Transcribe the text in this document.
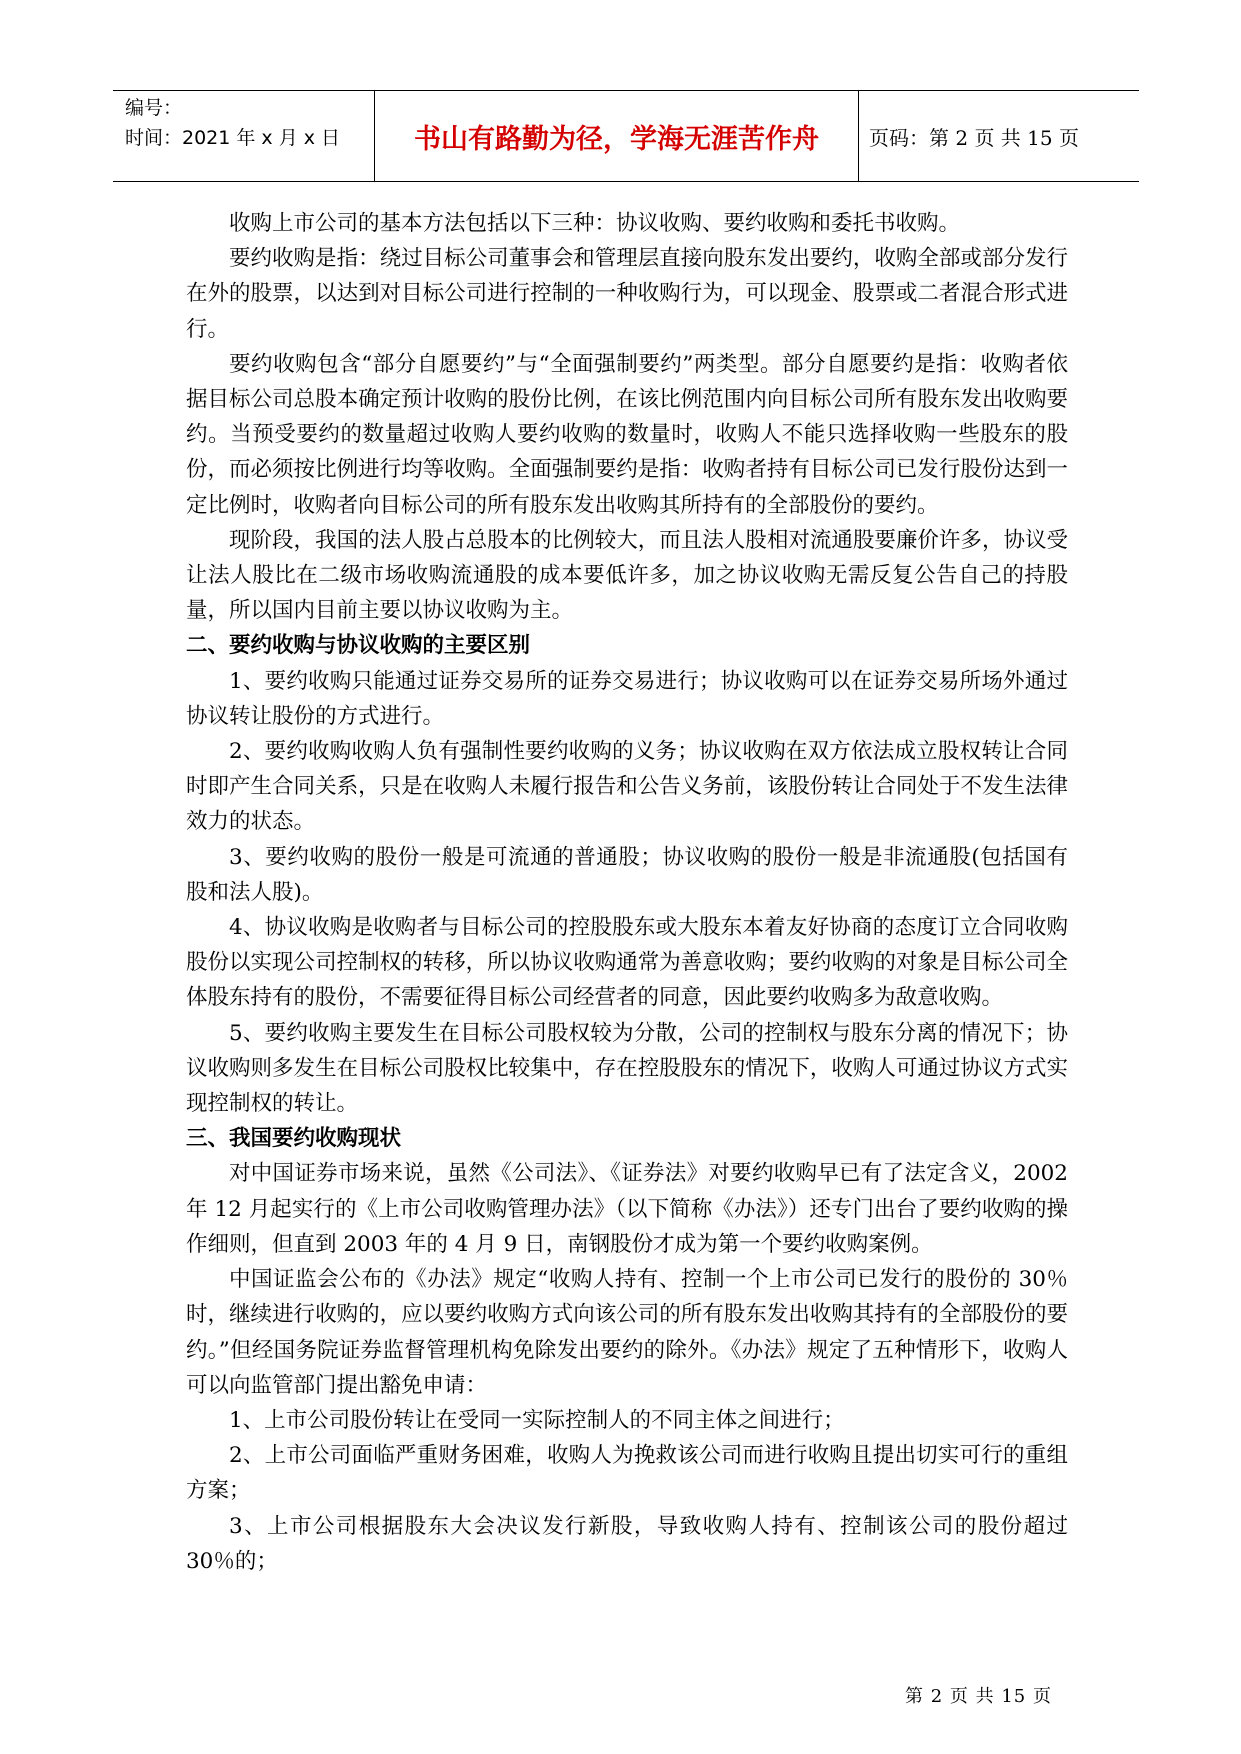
编号：
时间：2021 年 x 月 x 日	书山有路勤为径，学海无涯苦作舟	页码：第 2 页 共 15 页

收购上市公司的基本方法包括以下三种：协议收购、要约收购和委托书收购。

要约收购是指：绕过目标公司董事会和管理层直接向股东发出要约，收购全部或部分发行在外的股票，以达到对目标公司进行控制的一种收购行为，可以现金、股票或二者混合形式进行。

要约收购包含“部分自愿要约”与“全面强制要约”两类型。部分自愿要约是指：收购者依据目标公司总股本确定预计收购的股份比例，在该比例范围内向目标公司所有股东发出收购要约。当预受要约的数量超过收购人要约收购的数量时，收购人不能只选择收购一些股东的股份，而必须按比例进行均等收购。全面强制要约是指：收购者持有目标公司已发行股份达到一定比例时，收购者向目标公司的所有股东发出收购其所持有的全部股份的要约。

现阶段，我国的法人股占总股本的比例较大，而且法人股相对流通股要廉价许多，协议受让法人股比在二级市场收购流通股的成本要低许多，加之协议收购无需反复公告自己的持股量，所以国内目前主要以协议收购为主。

二、要约收购与协议收购的主要区别

1、要约收购只能通过证券交易所的证券交易进行；协议收购可以在证券交易所场外通过协议转让股份的方式进行。

2、要约收购收购人负有强制性要约收购的义务；协议收购在双方依法成立股权转让合同时即产生合同关系，只是在收购人未履行报告和公告义务前，该股份转让合同处于不发生法律效力的状态。

3、要约收购的股份一般是可流通的普通股；协议收购的股份一般是非流通股(包括国有股和法人股)。

4、协议收购是收购者与目标公司的控股股东或大股东本着友好协商的态度订立合同收购股份以实现公司控制权的转移，所以协议收购通常为善意收购；要约收购的对象是目标公司全体股东持有的股份，不需要征得目标公司经营者的同意，因此要约收购多为敌意收购。

5、要约收购主要发生在目标公司股权较为分散，公司的控制权与股东分离的情况下；协议收购则多发生在目标公司股权比较集中，存在控股股东的情况下，收购人可通过协议方式实现控制权的转让。

三、我国要约收购现状

对中国证券市场来说，虽然《公司法》、《证券法》对要约收购早已有了法定含义，2002 年 12 月起实行的《上市公司收购管理办法》（以下简称《办法》）还专门出台了要约收购的操作细则，但直到 2003 年的 4 月 9 日，南钢股份才成为第一个要约收购案例。

中国证监会公布的《办法》规定“收购人持有、控制一个上市公司已发行的股份的 30％时，继续进行收购的，应以要约收购方式向该公司的所有股东发出收购其持有的全部股份的要约。”但经国务院证券监督管理机构免除发出要约的除外。《办法》规定了五种情形下，收购人可以向监管部门提出豁免申请：

1、上市公司股份转让在受同一实际控制人的不同主体之间进行；

2、上市公司面临严重财务困难，收购人为挽救该公司而进行收购且提出切实可行的重组方案；

3、上市公司根据股东大会决议发行新股，导致收购人持有、控制该公司的股份超过 30％的；

第 2 页 共 15 页
